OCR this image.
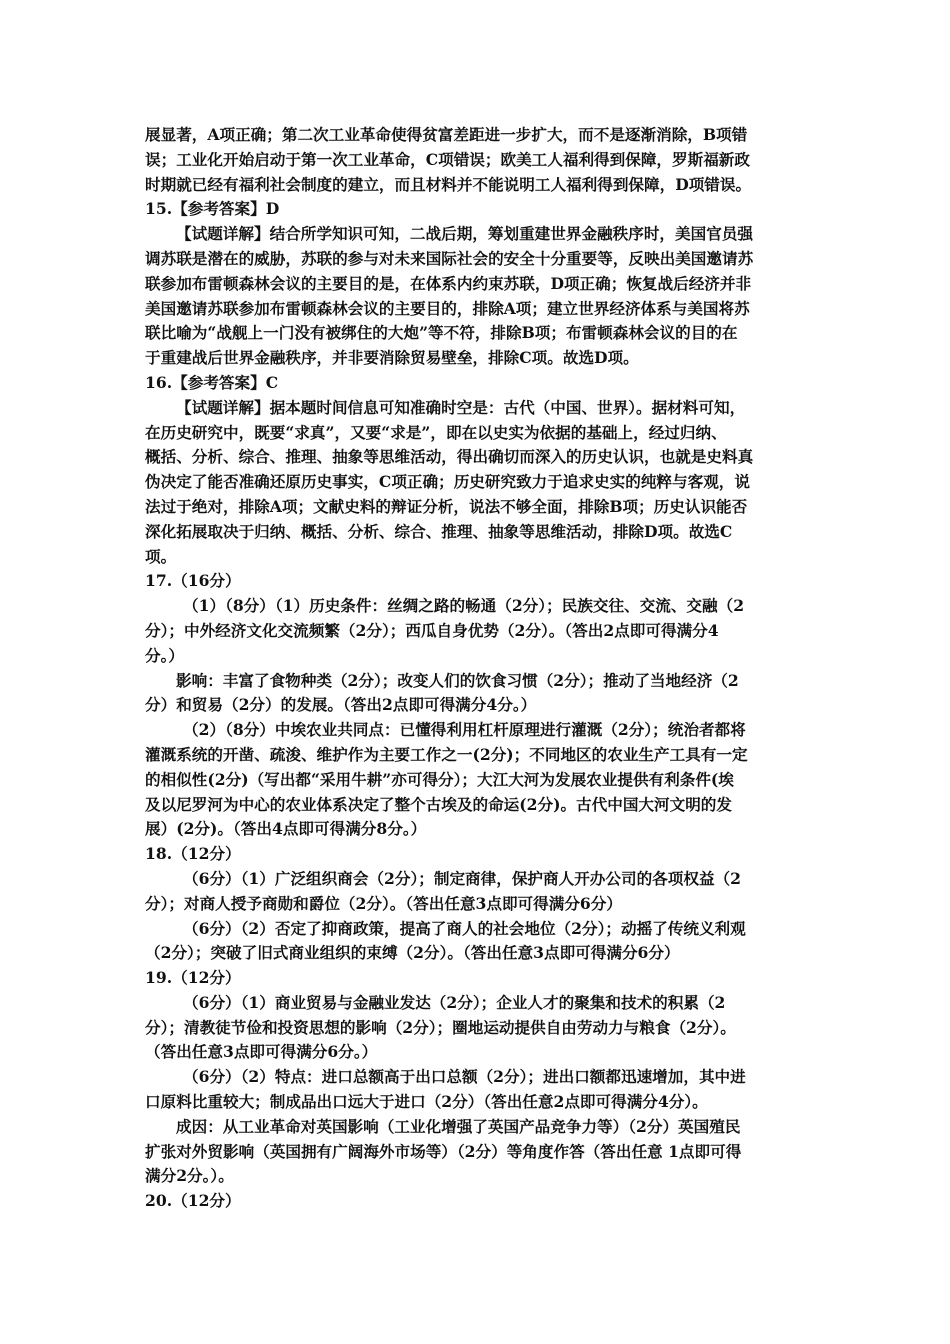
展显著，A项正确；第二次工业革命使得贫富差距进一步扩大，而不是逐渐消除，B项错
误；工业化开始启动于第一次工业革命，C项错误；欧美工人福利得到保障，罗斯福新政
时期就已经有福利社会制度的建立，而且材料并不能说明工人福利得到保障，D项错误。
15.【参考答案】D
【试题详解】结合所学知识可知，二战后期，筹划重建世界金融秩序时，美国官员强
调苏联是潜在的威胁，苏联的参与对未来国际社会的安全十分重要等，反映出美国邀请苏
联参加布雷顿森林会议的主要目的是，在体系内约束苏联，D项正确；恢复战后经济并非
美国邀请苏联参加布雷顿森林会议的主要目的，排除A项；建立世界经济体系与美国将苏
联比喻为“战舰上一门没有被绑住的大炮”等不符，排除B项；布雷顿森林会议的目的在
于重建战后世界金融秩序，并非要消除贸易壁垒，排除C项。故选D项。
16.【参考答案】C
【试题详解】据本题时间信息可知准确时空是：古代（中国、世界）。据材料可知，
在历史研究中，既要“求真”，又要“求是”，即在以史实为依据的基础上，经过归纳、
概括、分析、综合、推理、抽象等思维活动，得出确切而深入的历史认识，也就是史料真
伪决定了能否准确还原历史事实，C项正确；历史研究致力于追求史实的纯粹与客观，说
法过于绝对，排除A项；文献史料的辩证分析，说法不够全面，排除B项；历史认识能否
深化拓展取决于归纳、概括、分析、综合、推理、抽象等思维活动，排除D项。故选C
项。
17.（16分）
（1）（8分）（1）历史条件：丝绸之路的畅通（2分）；民族交往、交流、交融（2
分）；中外经济文化交流频繁（2分）；西瓜自身优势（2分）。（答出2点即可得满分4
分。）
影响：丰富了食物种类（2分）；改变人们的饮食习惯（2分）；推动了当地经济（2
分）和贸易（2分）的发展。（答出2点即可得满分4分。）
（2）（8分）中埃农业共同点：已懂得利用杠杆原理进行灌溉（2分）；统治者都将
灌溉系统的开凿、疏浚、维护作为主要工作之一(2分)；不同地区的农业生产工具有一定
的相似性(2分)（写出都“采用牛耕”亦可得分）；大江大河为发展农业提供有利条件(埃
及以尼罗河为中心的农业体系决定了整个古埃及的命运(2分)。古代中国大河文明的发
展）(2分)。（答出4点即可得满分8分。）
18.（12分）
（6分）（1）广泛组织商会（2分）；制定商律，保护商人开办公司的各项权益（2
分）；对商人授予商勋和爵位（2分）。（答出任意3点即可得满分6分）
（6分）（2）否定了抑商政策，提高了商人的社会地位（2分）；动摇了传统义利观
（2分）；突破了旧式商业组织的束缚（2分）。（答出任意3点即可得满分6分）
19.（12分）
（6分）（1）商业贸易与金融业发达（2分）；企业人才的聚集和技术的积累（2
分）；清教徒节俭和投资思想的影响（2分）；圈地运动提供自由劳动力与粮食（2分）。
（答出任意3点即可得满分6分。）
（6分）（2）特点：进口总额高于出口总额（2分）；进出口额都迅速增加，其中进
口原料比重较大；制成品出口远大于进口（2分）（答出任意2点即可得满分4分）。
成因：从工业革命对英国影响（工业化增强了英国产品竞争力等）（2分）英国殖民
扩张对外贸影响（英国拥有广阔海外市场等）（2分）等角度作答（答出任意 1点即可得
满分2分。）。
20.（12分）
